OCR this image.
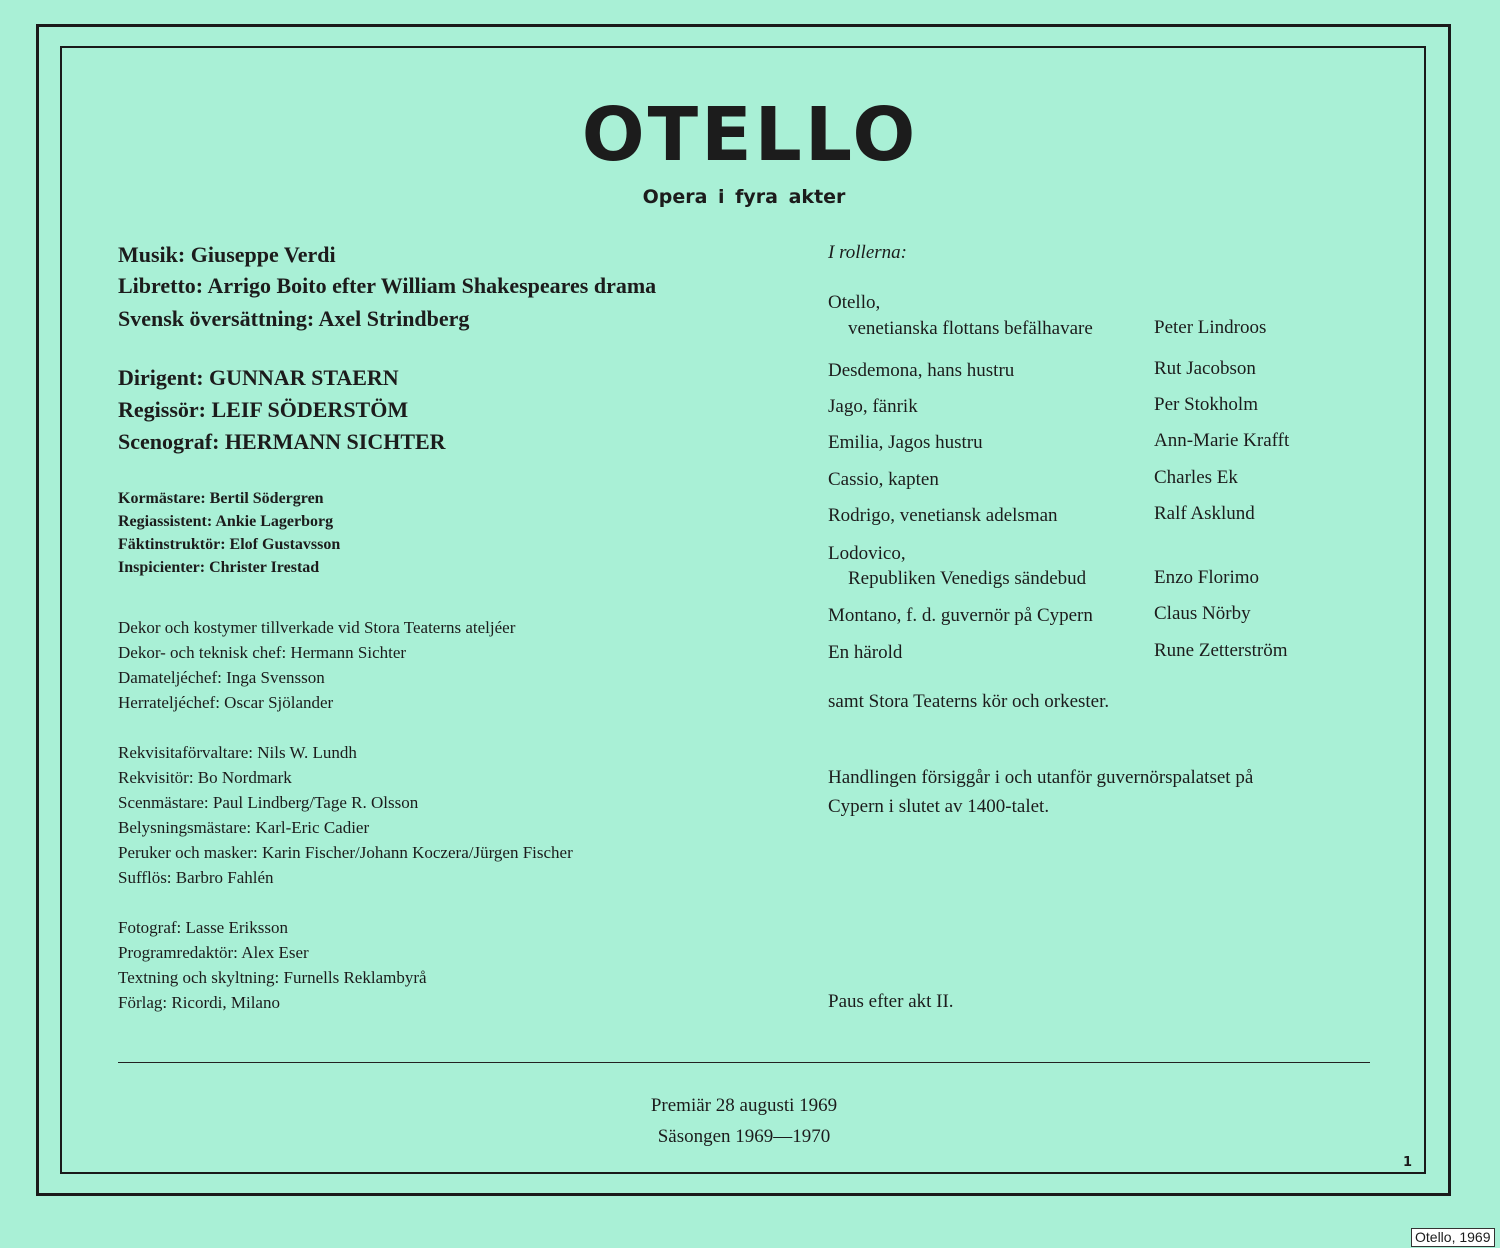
OTELLO
Opera i fyra akter
Musik: Giuseppe Verdi
Libretto: Arrigo Boito efter William Shakespeares drama
Svensk översättning: Axel Strindberg
Dirigent: GUNNAR STAERN
Regissör: LEIF SÖDERSTÖM
Scenograf: HERMANN SICHTER
Kormästare: Bertil Södergren
Regiassistent: Ankie Lagerborg
Fäktinstruktör: Elof Gustavsson
Inspicienter: Christer Irestad
Dekor och kostymer tillverkade vid Stora Teaterns ateljéer
Dekor- och teknisk chef: Hermann Sichter
Damateljéchef: Inga Svensson
Herrateljéchef: Oscar Sjölander
Rekvisitaförvaltare: Nils W. Lundh
Rekvisitör: Bo Nordmark
Scenmästare: Paul Lindberg/Tage R. Olsson
Belysningsmästare: Karl-Eric Cadier
Peruker och masker: Karin Fischer/Johann Koczera/Jürgen Fischer
Sufflös: Barbro Fahlén
Fotograf: Lasse Eriksson
Programredaktör: Alex Eser
Textning och skyltning: Furnells Reklambyrå
Förlag: Ricordi, Milano
I rollerna:
Otello,
venetianska flottans befälhavare	Peter Lindroos
Desdemona, hans hustru	Rut Jacobson
Jago, fänrik	Per Stokholm
Emilia, Jagos hustru	Ann-Marie Krafft
Cassio, kapten	Charles Ek
Rodrigo, venetiansk adelsman	Ralf Asklund
Lodovico,
Republiken Venedigs sändebud	Enzo Florimo
Montano, f. d. guvernör på Cypern	Claus Nörby
En härold	Rune Zetterström
samt Stora Teaterns kör och orkester.
Handlingen försiggår i och utanför guvernörspalatset på
Cypern i slutet av 1400-talet.
Paus efter akt II.
Premiär 28 augusti 1969
Säsongen 1969—1970
1
Otello, 1969
